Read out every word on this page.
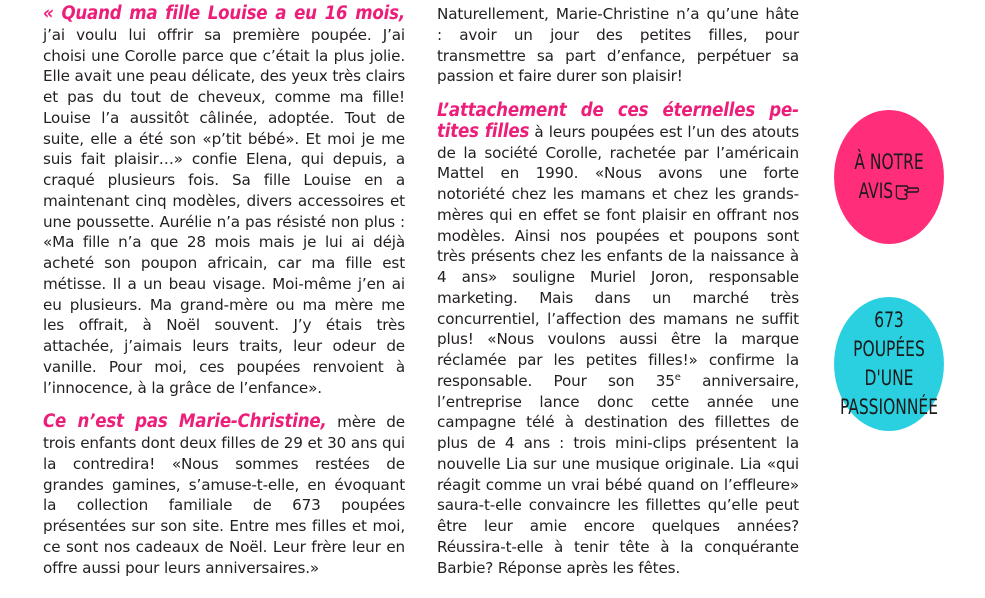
« Quand ma fille Louise a eu 16 mois, j’ai voulu lui offrir sa première poupée. J’ai choisi une Corolle parce que c’était la plus jolie. Elle avait une peau délicate, des yeux très clairs et pas du tout de cheveux, comme ma fille! Louise l’a aussitôt câlinée, adoptée. Tout de suite, elle a été son «p’tit bébé». Et moi je me suis fait plaisir…» confie Elena, qui depuis, a craqué plusieurs fois. Sa fille Louise en a maintenant cinq modèles, divers accessoires et une poussette. Aurélie n’a pas résisté non plus : «Ma fille n’a que 28 mois mais je lui ai déjà acheté son poupon africain, car ma fille est métisse. Il a un beau visage. Moi-même j’en ai eu plusieurs. Ma grand-mère ou ma mère me les offrait, à Noël souvent. J’y étais très attachée, j’aimais leurs traits, leur odeur de vanille. Pour moi, ces poupées renvoient à l’innocence, à la grâce de l’enfance».

Ce n’est pas Marie-Christine, mère de trois enfants dont deux filles de 29 et 30 ans qui la contredira! «Nous sommes restées de grandes gamines, s’amuse-t-elle, en évoquant la collection familiale de 673 poupées présentées sur son site. Entre mes filles et moi, ce sont nos cadeaux de Noël. Leur frère leur en offre aussi pour leurs anniversaires.»

Naturellement, Marie-Christine n’a qu’une hâte : avoir un jour des petites filles, pour transmettre sa part d’enfance, perpétuer sa passion et faire durer son plaisir!

L’attachement de ces éternelles petites filles à leurs poupées est l’un des atouts de la société Corolle, rachetée par l’américain Mattel en 1990. «Nous avons une forte notoriété chez les mamans et chez les grands-mères qui en effet se font plaisir en offrant nos modèles. Ainsi nos poupées et poupons sont très présents chez les enfants de la naissance à 4 ans» souligne Muriel Joron, responsable marketing. Mais dans un marché très concurrentiel, l’affection des mamans ne suffit plus! «Nous voulons aussi être la marque réclamée par les petites filles!» confirme la responsable. Pour son 35e anniversaire, l’entreprise lance donc cette année une campagne télé à destination des fillettes de plus de 4 ans : trois mini-clips présentent la nouvelle Lia sur une musique originale. Lia «qui réagit comme un vrai bébé quand on l’effleure» saura-t-elle convaincre les fillettes qu’elle peut être leur amie encore quelques années? Réussira-t-elle à tenir tête à la conquérante Barbie? Réponse après les fêtes.

À NOTRE
AVIS
673
POUPÉES D'UNE
PASSIONNÉE
